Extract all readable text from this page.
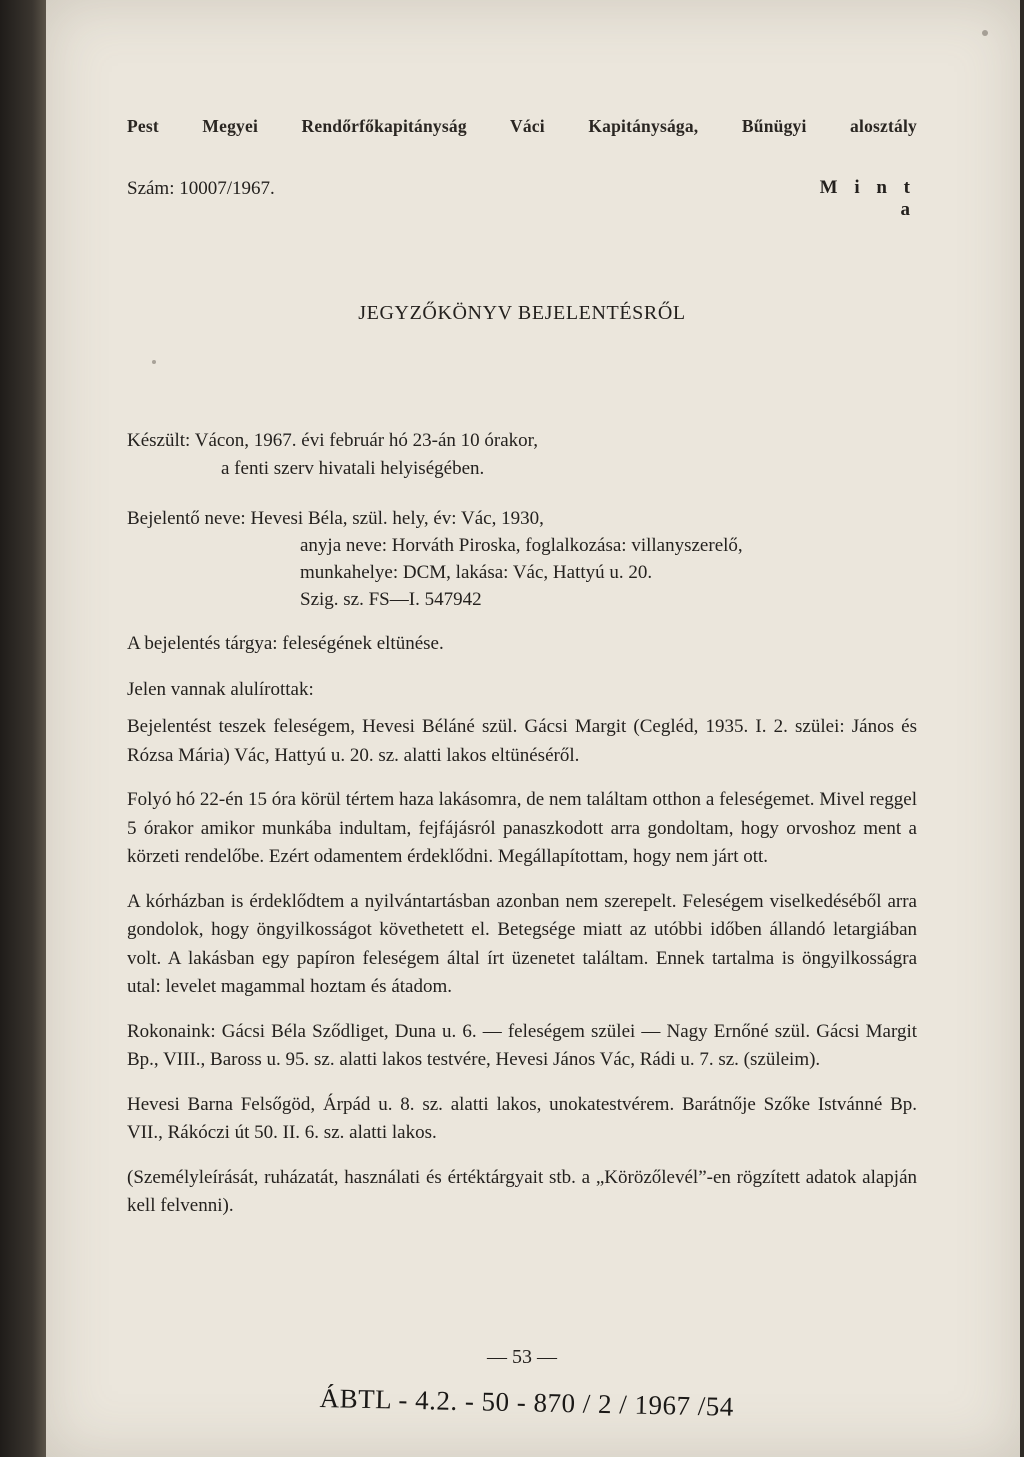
Pest Megyei Rendőrfőkapitányság Váci Kapitánysága, Bűnügyi alosztály
Szám: 10007/1967.	M i n t a
JEGYZŐKÖNYV BEJELENTÉSRŐL
Készült: Vácon, 1967. évi február hó 23-án 10 órakor,
a fenti szerv hivatali helyiségében.
Bejelentő neve: Hevesi Béla, szül. hely, év: Vác, 1930,
anyja neve: Horváth Piroska, foglalkozása: villanyszerelő,
munkahelye: DCM, lakása: Vác, Hattyú u. 20.
Szig. sz. FS—I. 547942
A bejelentés tárgya: feleségének eltünése.
Jelen vannak alulírottak:

Bejelentést teszek feleségem, Hevesi Béláné szül. Gácsi Margit (Cegléd, 1935. I. 2. szülei: János és Rózsa Mária) Vác, Hattyú u. 20. sz. alatti lakos eltünéséről.

Folyó hó 22-én 15 óra körül tértem haza lakásomra, de nem találtam otthon a feleségemet. Mivel reggel 5 órakor amikor munkába indultam, fejfájásról panaszkodott arra gondoltam, hogy orvoshoz ment a körzeti rendelőbe. Ezért odamentem érdeklődni. Megállapítottam, hogy nem járt ott.

A kórházban is érdeklődtem a nyilvántartásban azonban nem szerepelt. Feleségem viselkedéséből arra gondolok, hogy öngyilkosságot követhetett el. Betegsége miatt az utóbbi időben állandó letargiában volt. A lakásban egy papíron feleségem által írt üzenetet találtam. Ennek tartalma is öngyilkosságra utal: levelet magammal hoztam és átadom.

Rokonaink: Gácsi Béla Sződliget, Duna u. 6. — feleségem szülei — Nagy Ernőné szül. Gácsi Margit Bp., VIII., Baross u. 95. sz. alatti lakos testvére, Hevesi János Vác, Rádi u. 7. sz. (szüleim).

Hevesi Barna Felsőgöd, Árpád u. 8. sz. alatti lakos, unokatestvérem. Barátnője Szőke Istvánné Bp. VII., Rákóczi út 50. II. 6. sz. alatti lakos.

(Személyleírását, ruházatát, használati és értéktárgyait stb. a „Körözőlevél”-en rögzített adatok alapján kell felvenni).

— 53 —
ÁBTL - 4.2. - 50 - 870 / 2 / 1967 /54
